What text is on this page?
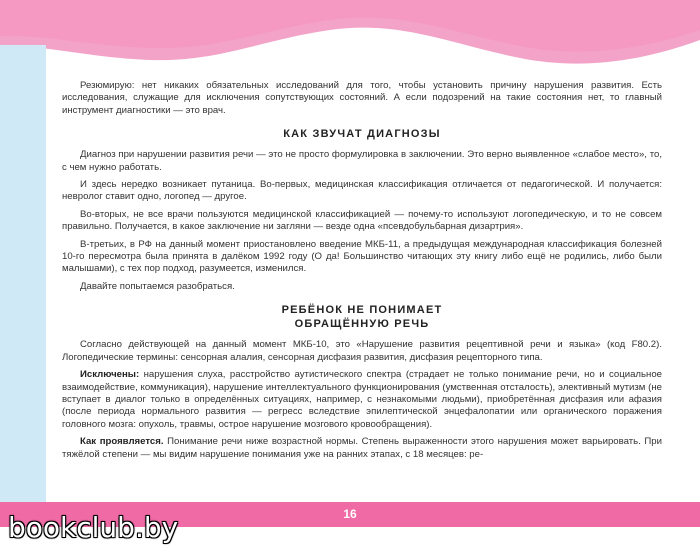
Резюмирую: нет никаких обязательных исследований для того, чтобы установить причину нарушения развития. Есть исследования, служащие для исключения сопутствующих состояний. А если подозрений на такие состояния нет, то главный инструмент диагностики — это врач.

КАК ЗВУЧАТ ДИАГНОЗЫ

Диагноз при нарушении развития речи — это не просто формулировка в заключении. Это верно выявленное «слабое место», то, с чем нужно работать.

И здесь нередко возникает путаница. Во-первых, медицинская классификация отличается от педагогической. И получается: невролог ставит одно, логопед — другое.

Во-вторых, не все врачи пользуются медицинской классификацией — почему-то используют логопедическую, и то не совсем правильно. Получается, в какое заключение ни загляни — везде одна «псевдобульбарная дизартрия».

В-третьих, в РФ на данный момент приостановлено введение МКБ-11, а предыдущая международная классификация болезней 10-го пересмотра была принята в далёком 1992 году (О да! Большинство читающих эту книгу либо ещё не родились, либо были малышами), с тех пор подход, разумеется, изменился.

Давайте попытаемся разобраться.

РЕБЁНОК НЕ ПОНИМАЕТ
ОБРАЩЁННУЮ РЕЧЬ

Согласно действующей на данный момент МКБ-10, это «Нарушение развития рецептивной речи и языка» (код F80.2). Логопедические термины: сенсорная алалия, сенсорная дисфазия развития, дисфазия рецепторного типа.

Исключены: нарушения слуха, расстройство аутистического спектра (страдает не только понимание речи, но и социальное взаимодействие, коммуникация), нарушение интеллектуального функционирования (умственная отсталость), элективный мутизм (не вступает в диалог только в определённых ситуациях, например, с незнакомыми людьми), приобретённая дисфазия или афазия (после периода нормального развития — регресс вследствие эпилептической энцефалопатии или органического поражения головного мозга: опухоль, травмы, острое нарушение мозгового кровообращения).

Как проявляется. Понимание речи ниже возрастной нормы. Степень выраженности этого нарушения может варьировать. При тяжёлой степени — мы видим нарушение понимания уже на ранних этапах, с 18 месяцев: ре-

16
bookclub.by
